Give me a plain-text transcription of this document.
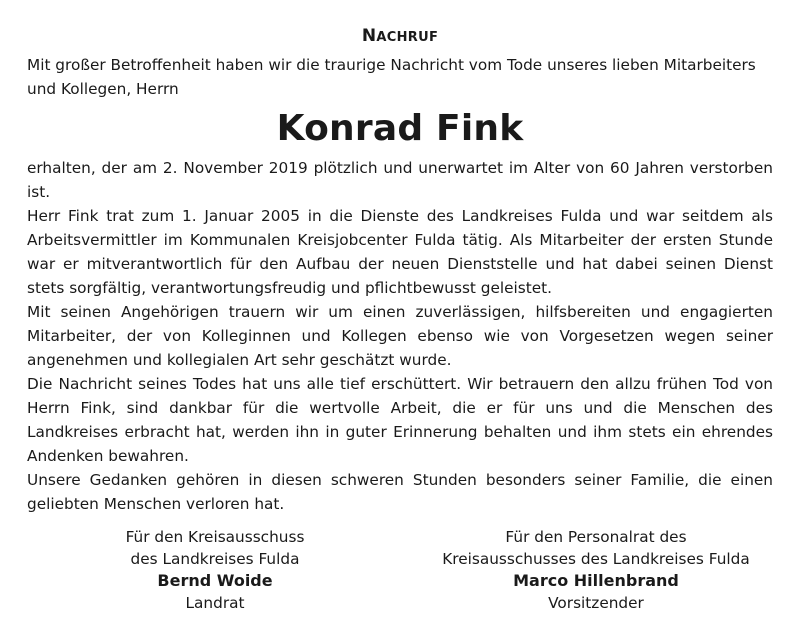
NACHRUF

Mit großer Betroffenheit haben wir die traurige Nachricht vom Tode unseres lieben Mitarbeiters und Kollegen, Herrn

Konrad Fink

erhalten, der am 2. November 2019 plötzlich und unerwartet im Alter von 60 Jahren verstorben ist.

Herr Fink trat zum 1. Januar 2005 in die Dienste des Landkreises Fulda und war seitdem als Arbeitsvermittler im Kommunalen Kreisjobcenter Fulda tätig. Als Mitarbeiter der ersten Stunde war er mitverantwortlich für den Aufbau der neuen Dienststelle und hat dabei seinen Dienst stets sorgfältig, verantwortungsfreudig und pflichtbewusst geleistet.

Mit seinen Angehörigen trauern wir um einen zuverlässigen, hilfsbereiten und engagierten Mitarbeiter, der von Kolleginnen und Kollegen ebenso wie von Vorgesetzen wegen seiner angenehmen und kollegialen Art sehr geschätzt wurde.

Die Nachricht seines Todes hat uns alle tief erschüttert. Wir betrauern den allzu frühen Tod von Herrn Fink, sind dankbar für die wertvolle Arbeit, die er für uns und die Menschen des Landkreises erbracht hat, werden ihn in guter Erinnerung behalten und ihm stets ein ehrendes Andenken bewahren.

Unsere Gedanken gehören in diesen schweren Stunden besonders seiner Familie, die einen geliebten Menschen verloren hat.

Für den Kreisausschuss
des Landkreises Fulda
Bernd Woide
Landrat
Für den Personalrat des
Kreisausschusses des Landkreises Fulda
Marco Hillenbrand
Vorsitzender
